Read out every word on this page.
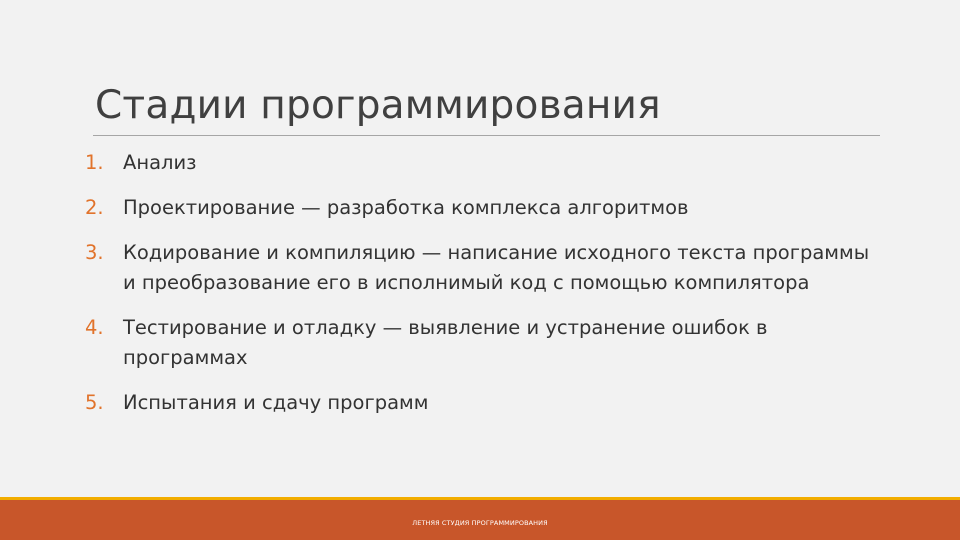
Стадии программирования
1. Анализ
2. Проектирование — разработка комплекса алгоритмов
3. Кодирование и компиляцию — написание исходного текста программы и преобразование его в исполнимый код с помощью компилятора
4. Тестирование и отладку — выявление и устранение ошибок в программах
5. Испытания и сдачу программ
ЛЕТНЯЯ СТУДИЯ ПРОГРАММИРОВАНИЯ
